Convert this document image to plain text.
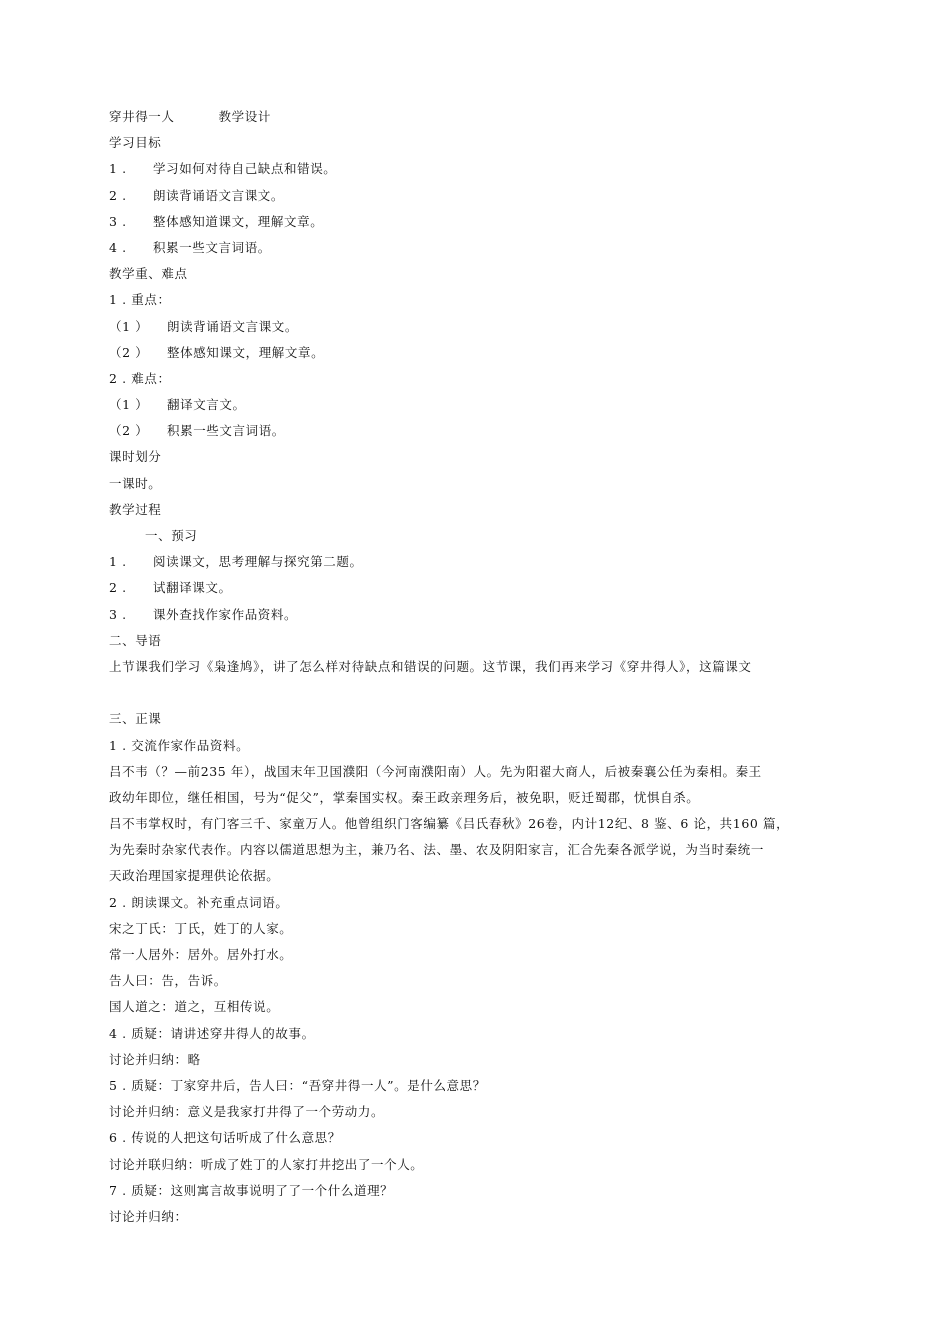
穿井得一人	教学设计
学习目标
1 . 学习如何对待自己缺点和错误。
2 . 朗读背诵语文言课文。
3 . 整体感知道课文，理解文章。
4 . 积累一些文言词语。
教学重、难点
1 . 重点：
（1 ） 朗读背诵语文言课文。
（2 ） 整体感知课文，理解文章。
2 . 难点：
（1 ） 翻译文言文。
（2 ） 积累一些文言词语。
课时划分
一课时。
教学过程
一、预习
1 . 阅读课文，思考理解与探究第二题。
2 . 试翻译课文。
3 . 课外查找作家作品资料。
二、导语
上节课我们学习《枭逢鸠》，讲了怎么样对待缺点和错误的问题。这节课，我们再来学习《穿井得人》，这篇课文
三、正课
1 . 交流作家作品资料。
吕不韦（？—前235 年），战国末年卫国濮阳（今河南濮阳南）人。先为阳翟大商人，后被秦襄公任为秦相。秦王
政幼年即位，继任相国，号为“促父”，掌秦国实权。秦王政亲理务后，被免职，贬迁蜀郡，忧惧自杀。
吕不韦掌权时，有门客三千、家童万人。他曾组织门客编纂《吕氏春秋》26卷，内计12纪、8 鉴、6 论，共160 篇，
为先秦时杂家代表作。内容以儒道思想为主，兼乃名、法、墨、农及阴阳家言，汇合先秦各派学说，为当时秦统一
天政治理国家提理供论依据。
2 . 朗读课文。补充重点词语。
宋之丁氏：丁氏，姓丁的人家。
常一人居外：居外。居外打水。
告人曰：告，告诉。
国人道之：道之，互相传说。
4 . 质疑：请讲述穿井得人的故事。
讨论并归纳：略
5 . 质疑：丁家穿井后，告人曰：“吾穿井得一人”。是什么意思？
讨论并归纳：意义是我家打井得了一个劳动力。
6 . 传说的人把这句话听成了什么意思？
讨论并联归纳：听成了姓丁的人家打井挖出了一个人。
7 . 质疑：这则寓言故事说明了了一个什么道理？
讨论并归纳：
